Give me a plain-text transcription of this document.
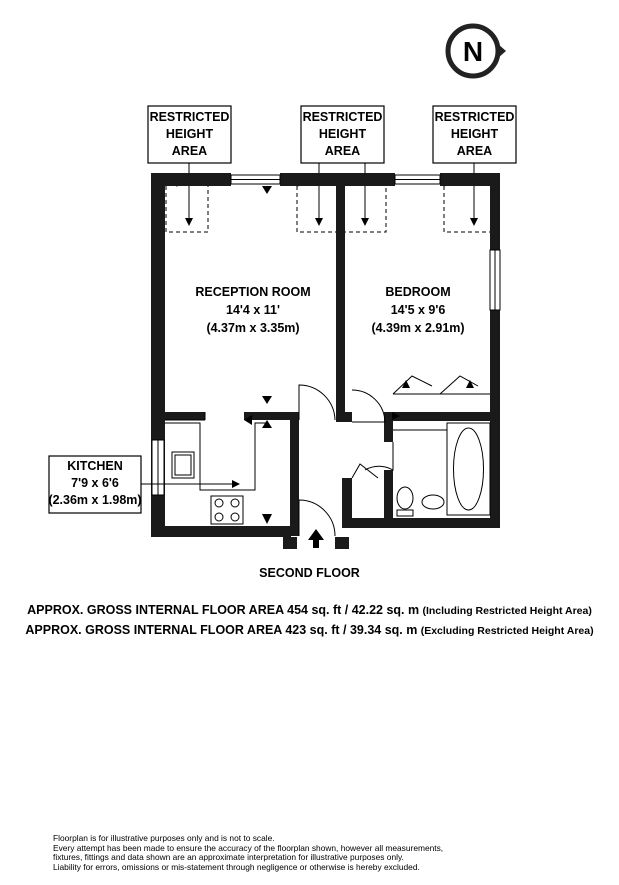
N
RESTRICTED
HEIGHT
AREA
RESTRICTED
HEIGHT
AREA
RESTRICTED
HEIGHT
AREA
KITCHEN
7'9 x 6'6
(2.36m x 1.98m)
RECEPTION ROOM
14'4 x 11'
(4.37m x 3.35m)
BEDROOM
14'5 x 9'6
(4.39m x 2.91m)
SECOND FLOOR
APPROX. GROSS INTERNAL FLOOR AREA 454 sq. ft / 42.22 sq. m (Including Restricted Height Area)
APPROX. GROSS INTERNAL FLOOR AREA 423 sq. ft / 39.34 sq. m (Excluding Restricted Height Area)
Floorplan is for illustrative purposes only and is not to scale.
Every attempt has been made to ensure the accuracy of the floorplan shown, however all measurements,
fixtures, fittings and data shown are an approximate interpretation for illustrative purposes only.
Liability for errors, omissions or mis-statement through negligence or otherwise is hereby excluded.
